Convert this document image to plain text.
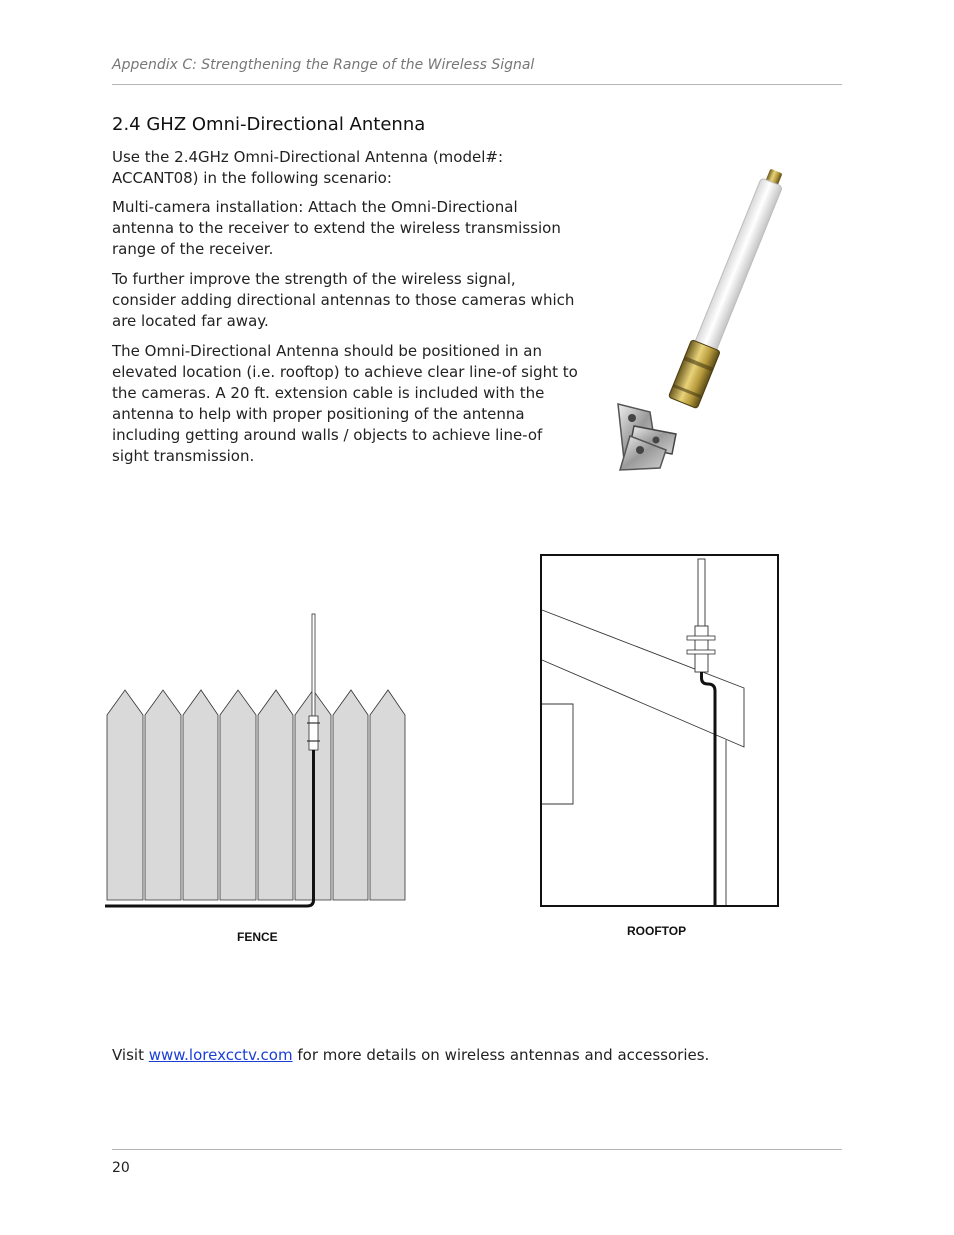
Appendix C: Strengthening the Range of the Wireless Signal
2.4 GHZ Omni-Directional Antenna
Use the 2.4GHz Omni-Directional Antenna (model#: ACCANT08) in the following scenario:
Multi-camera installation: Attach the Omni-Directional antenna to the receiver to extend the wireless transmission range of the receiver.
To further improve the strength of the wireless signal, consider adding directional antennas to those cameras which are located far away.
The Omni-Directional Antenna should be positioned in an elevated location (i.e. rooftop) to achieve clear line-of sight to the cameras. A 20 ft. extension cable is included with the antenna to help with proper positioning of the antenna including getting around walls / objects to achieve line-of sight transmission.
FENCE	ROOFTOP
Visit www.lorexcctv.com for more details on wireless antennas and accessories.
20
